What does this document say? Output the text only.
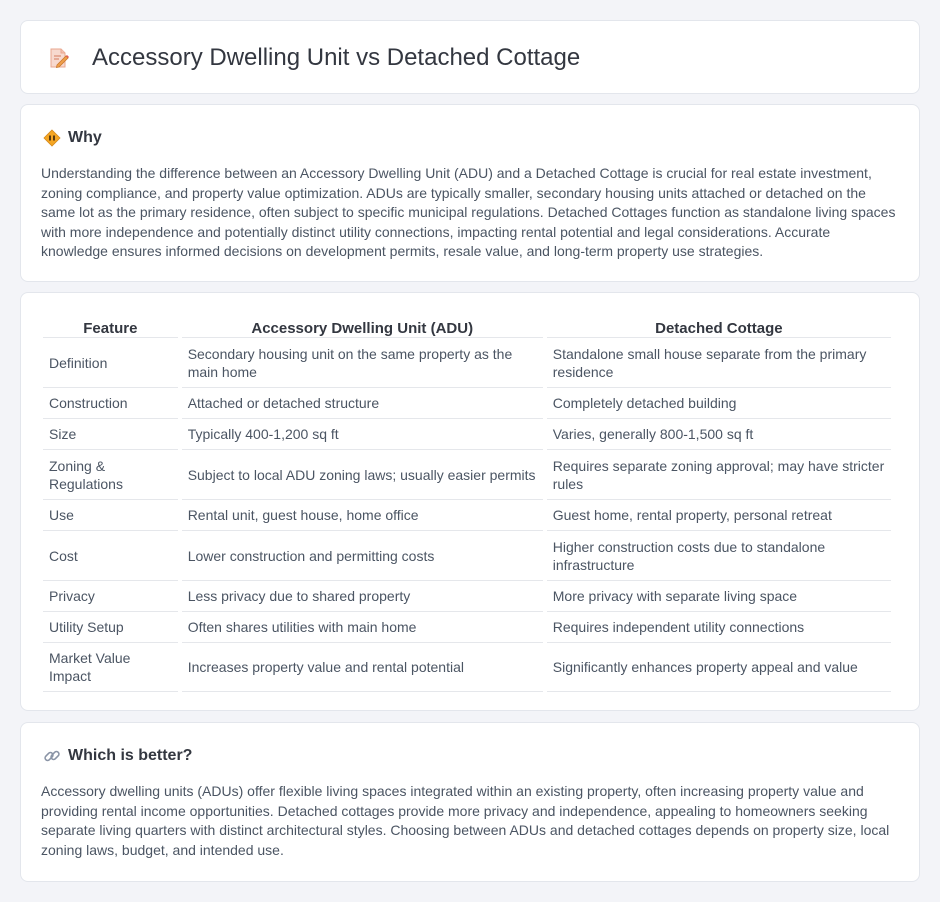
Accessory Dwelling Unit vs Detached Cottage
Why

Understanding the difference between an Accessory Dwelling Unit (ADU) and a Detached Cottage is crucial for real estate investment, zoning compliance, and property value optimization. ADUs are typically smaller, secondary housing units attached or detached on the same lot as the primary residence, often subject to specific municipal regulations. Detached Cottages function as standalone living spaces with more independence and potentially distinct utility connections, impacting rental potential and legal considerations. Accurate knowledge ensures informed decisions on development permits, resale value, and long-term property use strategies.

Feature	Accessory Dwelling Unit (ADU)	Detached Cottage
Definition	Secondary housing unit on the same property as the main home	Standalone small house separate from the primary residence
Construction	Attached or detached structure	Completely detached building
Size	Typically 400-1,200 sq ft	Varies, generally 800-1,500 sq ft
Zoning & Regulations	Subject to local ADU zoning laws; usually easier permits	Requires separate zoning approval; may have stricter rules
Use	Rental unit, guest house, home office	Guest home, rental property, personal retreat
Cost	Lower construction and permitting costs	Higher construction costs due to standalone infrastructure
Privacy	Less privacy due to shared property	More privacy with separate living space
Utility Setup	Often shares utilities with main home	Requires independent utility connections
Market Value Impact	Increases property value and rental potential	Significantly enhances property appeal and value
Which is better?

Accessory dwelling units (ADUs) offer flexible living spaces integrated within an existing property, often increasing property value and providing rental income opportunities. Detached cottages provide more privacy and independence, appealing to homeowners seeking separate living quarters with distinct architectural styles. Choosing between ADUs and detached cottages depends on property size, local zoning laws, budget, and intended use.
